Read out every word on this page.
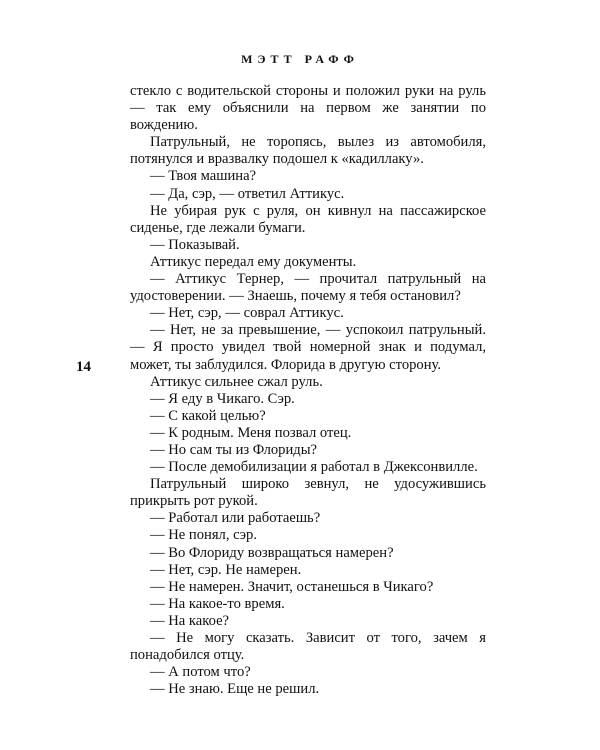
МЭТТ РАФФ
14

стекло с водительской стороны и положил руки на руль — так ему объяснили на первом же занятии по вождению.

Патрульный, не торопясь, вылез из автомобиля, потянулся и вразвалку подошел к «кадиллаку».

— Твоя машина?

— Да, сэр, — ответил Аттикус.

Не убирая рук с руля, он кивнул на пассажирское сиденье, где лежали бумаги.

— Показывай.

Аттикус передал ему документы.

— Аттикус Тернер, — прочитал патрульный на удостоверении. — Знаешь, почему я тебя остановил?

— Нет, сэр, — соврал Аттикус.

— Нет, не за превышение, — успокоил патрульный. — Я просто увидел твой номерной знак и подумал, может, ты заблудился. Флорида в другую сторону.

Аттикус сильнее сжал руль.

— Я еду в Чикаго. Сэр.

— С какой целью?

— К родным. Меня позвал отец.

— Но сам ты из Флориды?

— После демобилизации я работал в Джексонвилле.

Патрульный широко зевнул, не удосужившись прикрыть рот рукой.

— Работал или работаешь?

— Не понял, сэр.

— Во Флориду возвращаться намерен?

— Нет, сэр. Не намерен.

— Не намерен. Значит, останешься в Чикаго?

— На какое-то время.

— На какое?

— Не могу сказать. Зависит от того, зачем я понадобился отцу.

— А потом что?

— Не знаю. Еще не решил.
